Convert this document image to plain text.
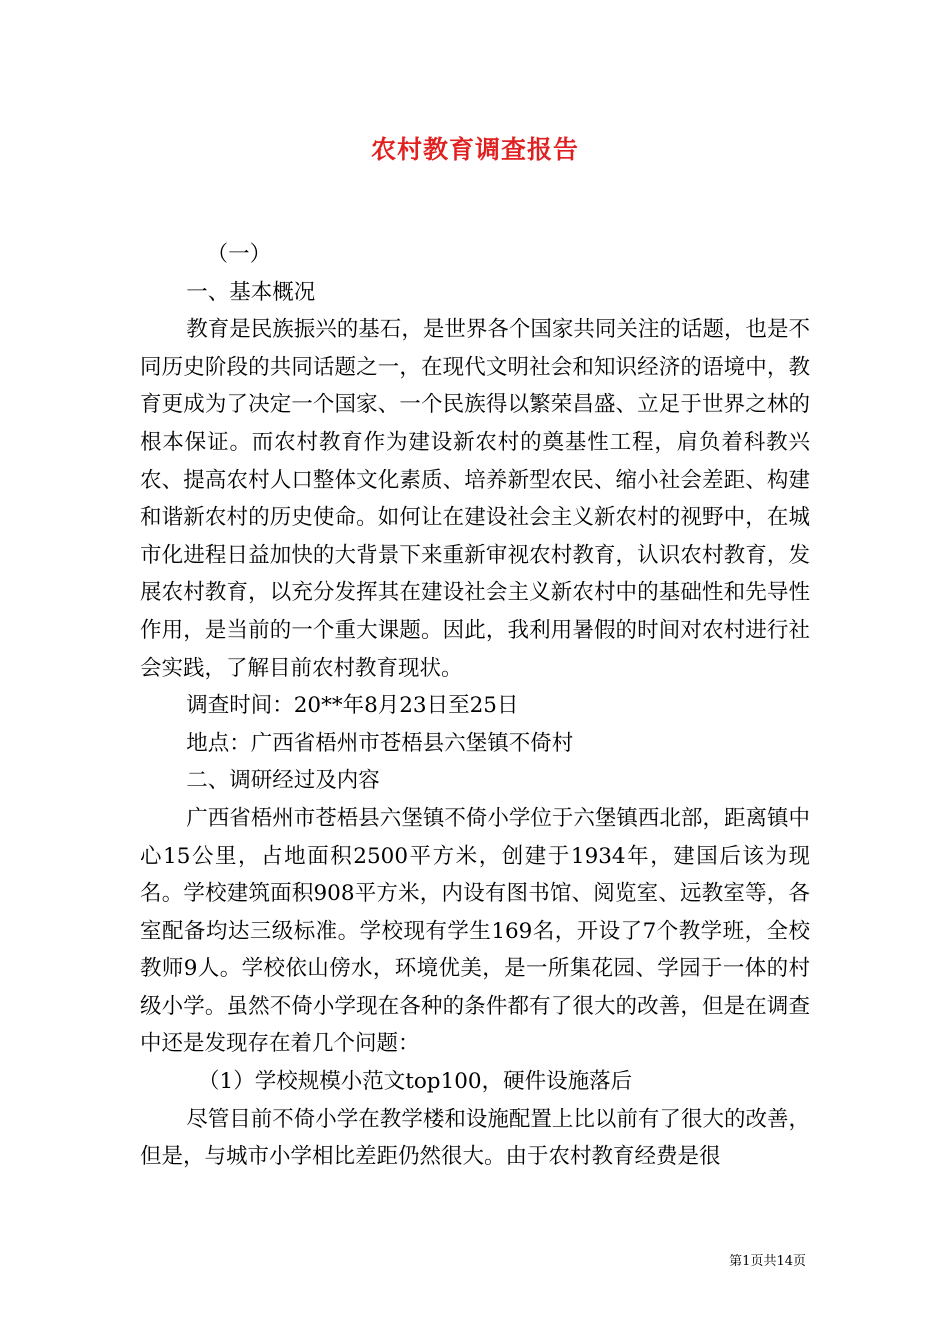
农村教育调查报告

（一）

一、基本概况

教育是民族振兴的基石，是世界各个国家共同关注的话题，也是不同历史阶段的共同话题之一，在现代文明社会和知识经济的语境中，教育更成为了决定一个国家、一个民族得以繁荣昌盛、立足于世界之林的根本保证。而农村教育作为建设新农村的奠基性工程，肩负着科教兴农、提高农村人口整体文化素质、培养新型农民、缩小社会差距、构建和谐新农村的历史使命。如何让在建设社会主义新农村的视野中，在城市化进程日益加快的大背景下来重新审视农村教育，认识农村教育，发展农村教育，以充分发挥其在建设社会主义新农村中的基础性和先导性作用，是当前的一个重大课题。因此，我利用暑假的时间对农村进行社会实践，了解目前农村教育现状。

调查时间：20**年8月23日至25日

地点：广西省梧州市苍梧县六堡镇不倚村

二、调研经过及内容

广西省梧州市苍梧县六堡镇不倚小学位于六堡镇西北部，距离镇中心15公里，占地面积2500平方米，创建于1934年，建国后该为现名。学校建筑面积908平方米，内设有图书馆、阅览室、远教室等，各室配备均达三级标准。学校现有学生169名，开设了7个教学班，全校教师9人。学校依山傍水，环境优美，是一所集花园、学园于一体的村级小学。虽然不倚小学现在各种的条件都有了很大的改善，但是在调查中还是发现存在着几个问题：

（1）学校规模小范文top100，硬件设施落后

尽管目前不倚小学在教学楼和设施配置上比以前有了很大的改善，但是，与城市小学相比差距仍然很大。由于农村教育经费是很

第1页共14页
